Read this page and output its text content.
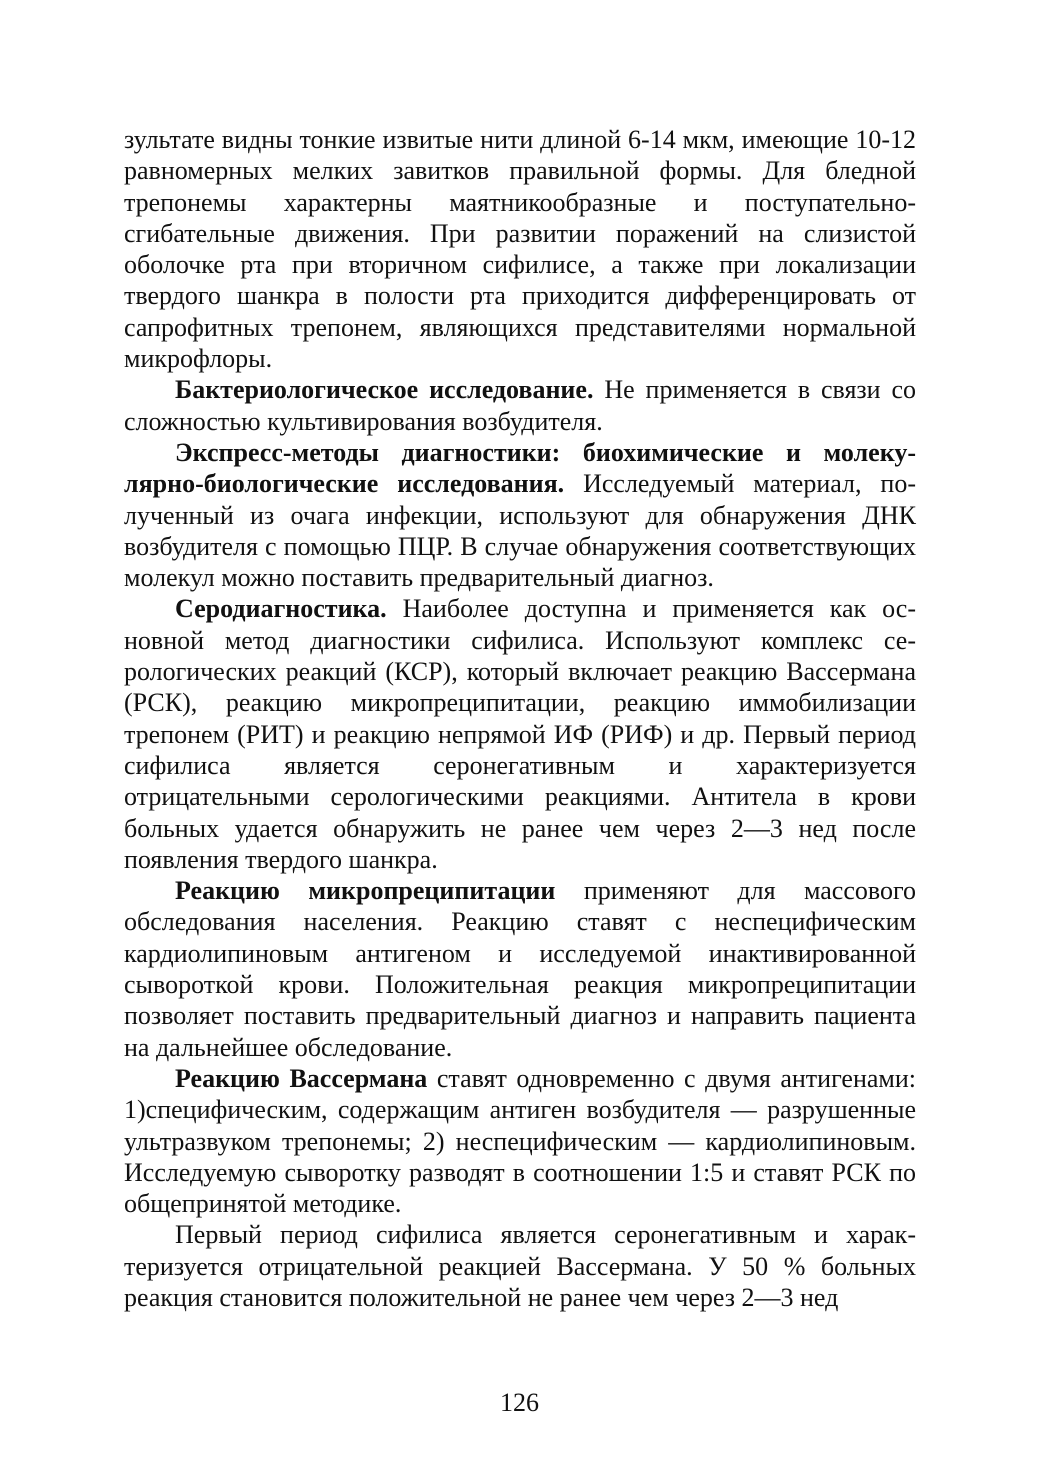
зультате видны тонкие извитые нити длиной 6-14 мкм, имеющие 10-12 равномерных мелких завитков правильной формы. Для бледной трепонемы характерны маятникообразные и поступательно-сгибательные движения. При развитии поражений на слизистой оболочке рта при вторичном сифилисе, а также при локализации твердого шанкра в полости рта приходится дифференцировать от сапрофитных трепонем, являющихся представителями нормальной микрофлоры.

Бактериологическое исследование. Не применяется в связи со сложностью культивирования возбудителя.

Экспресс-методы диагностики: биохимические и молекулярно-биологические исследования. Исследуемый материал, полученный из очага инфекции, используют для обнаружения ДНК возбудителя с помощью ПЦР. В случае обнаружения соответствующих молекул можно поставить предварительный диагноз.

Серодиагностика. Наиболее доступна и применяется как основной метод диагностики сифилиса. Используют комплекс серологических реакций (КСР), который включает реакцию Вассермана (РСК), реакцию микропреципитации, реакцию иммобилизации трепонем (РИТ) и реакцию непрямой ИФ (РИФ) и др. Первый период сифилиса является серонегативным и характеризуется отрицательными серологическими реакциями. Антитела в крови больных удается обнаружить не ранее чем через 2—3 нед после появления твердого шанкра.

Реакцию микропреципитации применяют для массового обследования населения. Реакцию ставят с неспецифическим кардиолипиновым антигеном и исследуемой инактивированной сывороткой крови. Положительная реакция микропреципитации позволяет поставить предварительный диагноз и направить пациента на дальнейшее обследование.

Реакцию Вассермана ставят одновременно с двумя антигенами: 1)специфическим, содержащим антиген возбудителя — разрушенные ультразвуком трепонемы; 2) неспецифическим — кардиолипиновым. Исследуемую сыворотку разводят в соотношении 1:5 и ставят РСК по общепринятой методике.

Первый период сифилиса является серонегативным и характеризуется отрицательной реакцией Вассермана. У 50 % больных реакция становится положительной не ранее чем через 2—3 нед

126
